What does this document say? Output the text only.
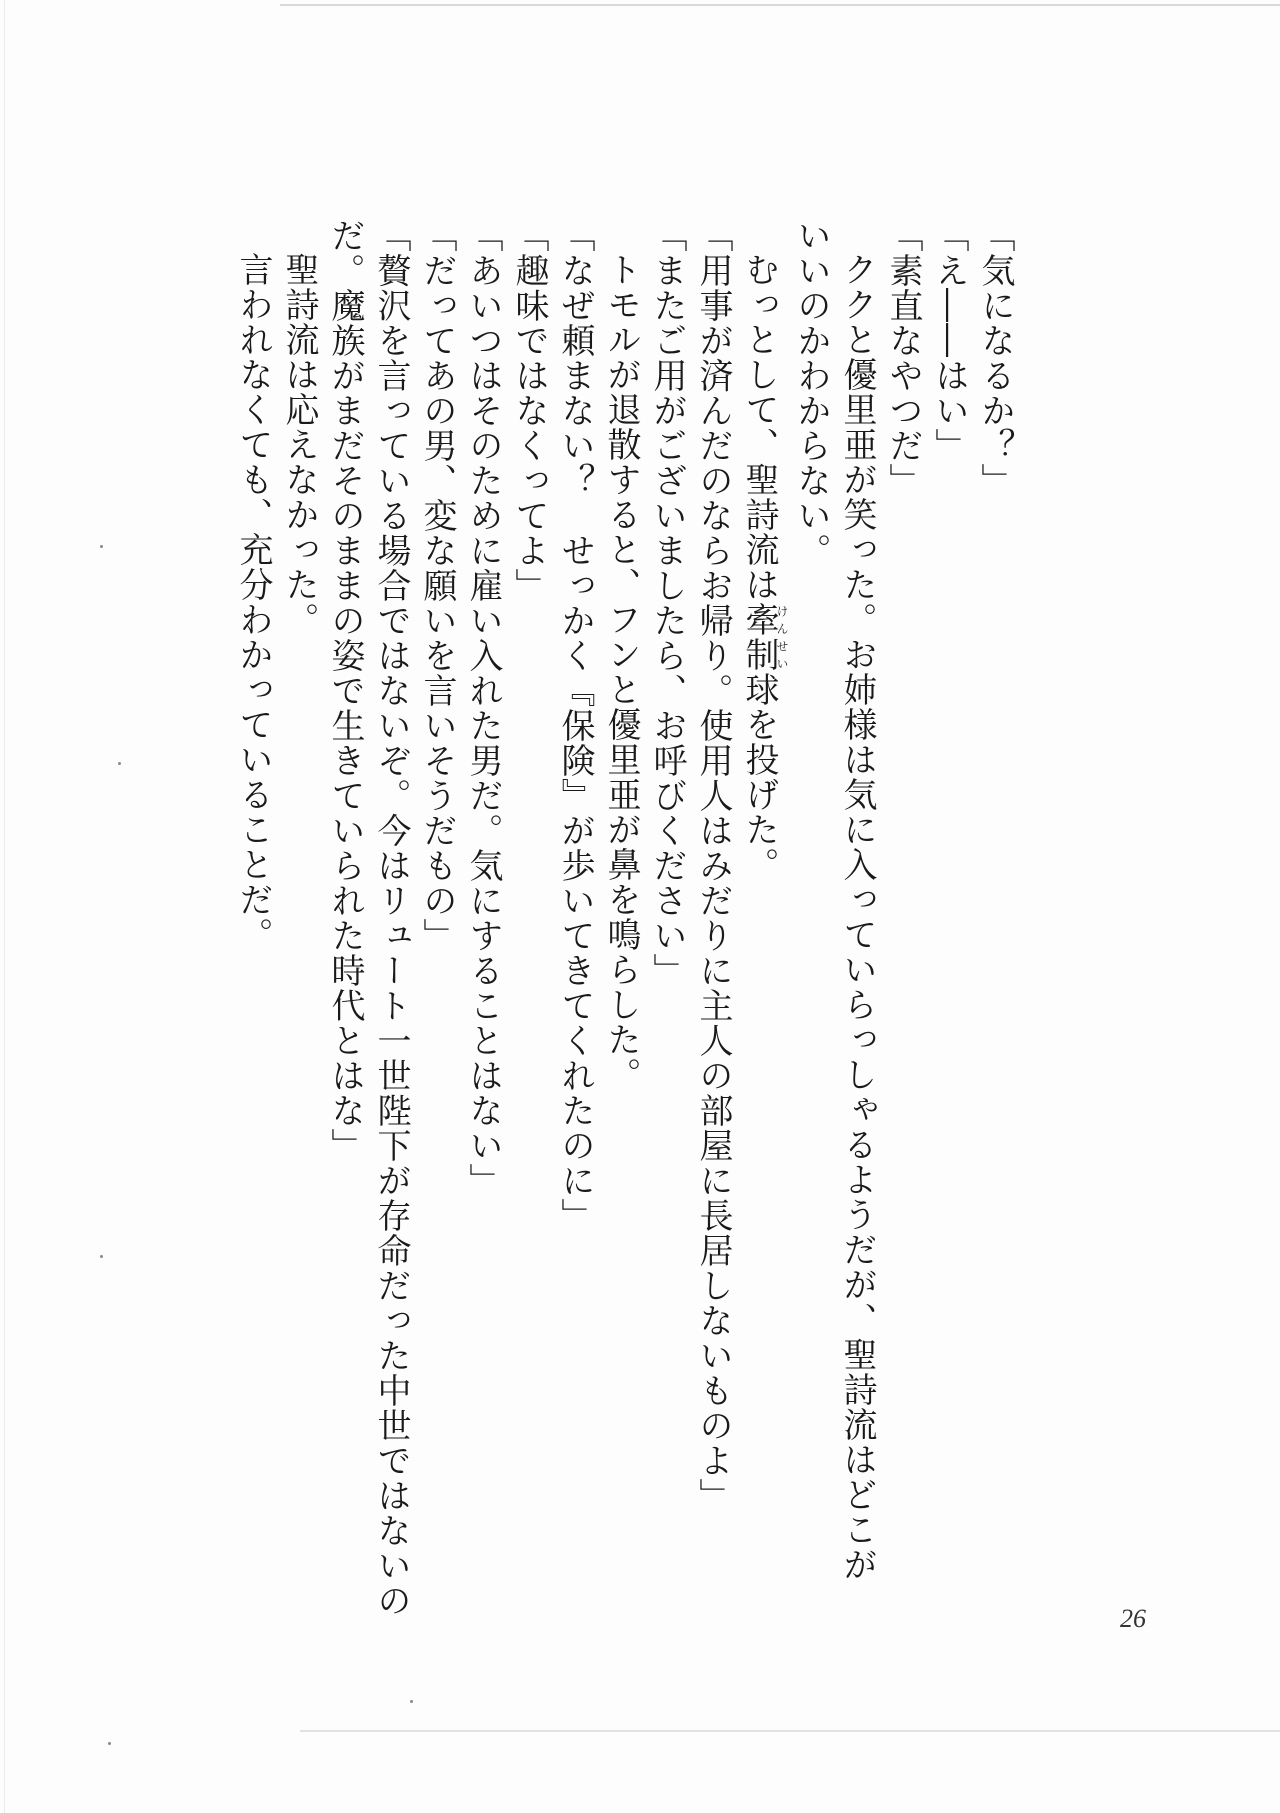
「気になるか？」

「え――はい」

「素直なやつだ」

ククと優里亜が笑った。お姉様は気に入っていらっしゃるようだが、聖詩流はどこが

いいのかわからない。

むっとして、聖詩流は牽制けんせい球を投げた。

「用事が済んだのならお帰り。使用人はみだりに主人の部屋に長居しないものよ」

「またご用がございましたら、お呼びください」

トモルが退散すると、フンと優里亜が鼻を鳴らした。

「なぜ頼まない？　せっかく『保険』が歩いてきてくれたのに」

「趣味ではなくってよ」

「あいつはそのために雇い入れた男だ。気にすることはない」

「だってあの男、変な願いを言いそうだもの」

「贅沢を言っている場合ではないぞ。今はリュート一世陛下が存命だった中世ではないの

だ。魔族がまだそのままの姿で生きていられた時代とはな」

聖詩流は応えなかった。

言われなくても、充分わかっていることだ。

26
